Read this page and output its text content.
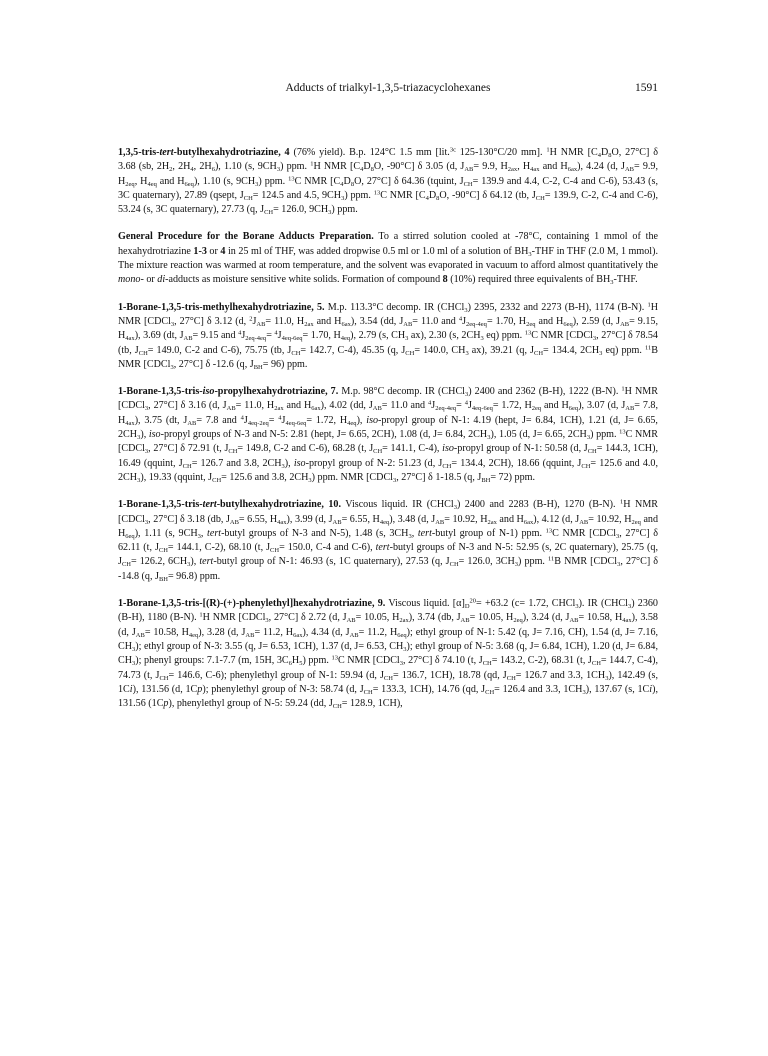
Adducts of trialkyl-1,3,5-triazacyclohexanes	1591

1,3,5-tris-tert-butylhexahydrotriazine, 4 (76% yield). B.p. 124°C 1.5 mm [lit.$^{3c}$ 125-130°C/20 mm]. $^1$H NMR [$C_4D_8O$, 27°C] δ 3.68 (sb, $2H_2$, $2H_4$, $2H_6$), 1.10 (s, $9CH_3$) ppm. $^1$H NMR [$C_4D_8O$, -90°C] δ 3.05 (d, $J_{AB}= 9.9$, $H_{2ax}$, $H_{4ax}$ and $H_{6ax}$), 4.24 (d, $J_{AB}= 9.9$, $H_{2eq}$, $H_{4eq}$ and $H_{6eq}$), 1.10 (s, $9CH_3$) ppm. $^{13}$C NMR [$C_4D_8O$, 27°C] δ 64.36 (tquint, $J_{CH}= 139.9$ and 4.4, C-2, C-4 and C-6), 53.43 (s, 3C quaternary), 27.89 (qsept, $J_{CH}= 124.5$ and 4.5, $9CH_3$) ppm. $^{13}$C NMR [$C_4D_8O$, -90°C] δ 64.12 (tb, $J_{CH}= 139.9$, C-2, C-4 and C-6), 53.24 (s, 3C quaternary), 27.73 (q, $J_{CH}= 126.0$, $9CH_3$) ppm.

General Procedure for the Borane Adducts Preparation. To a stirred solution cooled at -78°C, containing 1 mmol of the hexahydrotriazine 1-3 or 4 in 25 ml of THF, was added dropwise 0.5 ml or 1.0 ml of a solution of $BH_3$-THF in THF (2.0 M, 1 mmol). The mixture reaction was warmed at room temperature, and the solvent was evaporated in vacuum to afford almost quantitatively the mono- or di-adducts as moisture sensitive white solids. Formation of compound 8 (10%) required three equivalents of $BH_3$-THF.

1-Borane-1,3,5-tris-methylhexahydrotriazine, 5. M.p. 113.3°C decomp. IR (CHCl$_3$) 2395, 2332 and 2273 (B-H), 1174 (B-N). $^1$H NMR [CDCl$_3$, 27°C] δ 3.12 (d, $^2J_{AB}= 11.0$, $H_{2ax}$ and $H_{6ax}$), 3.54 (dd, $J_{AB}= 11.0$ and $^4J_{2eq-4eq}= 1.70$, $H_{2eq}$ and $H_{6eq}$), 2.59 (d, $J_{AB}= 9.15$, $H_{4ax}$), 3.69 (dt, $J_{AB}= 9.15$ and $^4J_{2eq-4eq}= ^4J_{4eq-6eq}= 1.70$, $H_{4eq}$), 2.79 (s, $CH_3$ ax), 2.30 (s, $2CH_3$ eq) ppm. $^{13}$C NMR [CDCl$_3$, 27°C] δ 78.54 (tb, $J_{CH}= 149.0$, C-2 and C-6), 75.75 (tb, $J_{CH}= 142.7$, C-4), 45.35 (q, $J_{CH}= 140.0$, $CH_3$ ax), 39.21 (q, $J_{CH}= 134.4$, $2CH_3$ eq) ppm. $^{11}$B NMR [CDCl$_3$, 27°C] δ -12.6 (q, $J_{BH}= 96$) ppm.

1-Borane-1,3,5-tris-iso-propylhexahydrotriazine, 7. M.p. 98°C decomp. IR (CHCl$_3$) 2400 and 2362 (B-H), 1222 (B-N). $^1$H NMR [CDCl$_3$, 27°C] δ 3.16 (d, $J_{AB}= 11.0$, $H_{2ax}$ and $H_{6ax}$), 4.02 (dd, $J_{AB}= 11.0$ and $^4J_{2eq-4eq}= ^4J_{4eq-6eq}= 1.72$, $H_{2eq}$ and $H_{6eq}$), 3.07 (d, $J_{AB}= 7.8$, $H_{4ax}$), 3.75 (dt, $J_{AB}= 7.8$ and $^4J_{4eq-2eq}= ^4J_{4eq-6eq}= 1.72$, $H_{4eq}$), iso-propyl group of N-1: 4.19 (hept, J= 6.84, 1CH), 1.21 (d, J= 6.65, $2CH_3$), iso-propyl groups of N-3 and N-5: 2.81 (hept, J= 6.65, 2CH), 1.08 (d, J= 6.84, $2CH_3$), 1.05 (d, J= 6.65, $2CH_3$) ppm. $^{13}$C NMR [CDCl$_3$, 27°C] δ 72.91 (t, $J_{CH}= 149.8$, C-2 and C-6), 68.28 (t, $J_{CH}= 141.1$, C-4), iso-propyl group of N-1: 50.58 (d, $J_{CH}= 144.3$, 1CH), 16.49 (qquint, $J_{CH}= 126.7$ and 3.8, $2CH_3$), iso-propyl group of N-2: 51.23 (d, $J_{CH}= 134.4$, 2CH), 18.66 (qquint, $J_{CH}= 125.6$ and 4.0, $2CH_3$), 19.33 (qquint, $J_{CH}= 125.6$ and 3.8, $2CH_3$) ppm. NMR [CDCl$_3$, 27°C] δ 1-18.5 (q, $J_{BH}= 72$) ppm.

1-Borane-1,3,5-tris-tert-butylhexahydrotriazine, 10. Viscous liquid. IR (CHCl$_3$) 2400 and 2283 (B-H), 1270 (B-N). $^1$H NMR [CDCl$_3$, 27°C] δ 3.18 (db, $J_{AB}= 6.55$, $H_{4ax}$), 3.99 (d, $J_{AB}= 6.55$, $H_{4eq}$), 3.48 (d, $J_{AB}= 10.92$, $H_{2ax}$ and $H_{6ax}$), 4.12 (d, $J_{AB}= 10.92$, $H_{2eq}$ and $H_{6eq}$), 1.11 (s, $9CH_3$, tert-butyl groups of N-3 and N-5), 1.48 (s, $3CH_3$, tert-butyl group of N-1) ppm. $^{13}$C NMR [CDCl$_3$, 27°C] δ 62.11 (t, $J_{CH}= 144.1$, C-2), 68.10 (t, $J_{CH}= 150.0$, C-4 and C-6), tert-butyl groups of N-3 and N-5: 52.95 (s, 2C quaternary), 25.75 (q, $J_{CH}= 126.2$, $6CH_3$), tert-butyl group of N-1: 46.93 (s, 1C quaternary), 27.53 (q, $J_{CH}= 126.0$, $3CH_3$) ppm. $^{11}$B NMR [CDCl$_3$, 27°C] δ -14.8 (q, $J_{BH}= 96.8$) ppm.

1-Borane-1,3,5-tris-[(R)-(+)-phenylethyl]hexahydrotriazine, 9. Viscous liquid. $[\alpha]_D^{20}= +63.2$ (c= 1.72, CHCl$_3$). IR (CHCl$_3$) 2360 (B-H), 1180 (B-N). $^1$H NMR [CDCl$_3$, 27°C] δ 2.72 (d, $J_{AB}= 10.05$, $H_{2ax}$), 3.74 (db, $J_{AB}= 10.05$, $H_{2eq}$), 3.24 (d, $J_{AB}= 10.58$, $H_{4ax}$), 3.58 (d, $J_{AB}= 10.58$, $H_{4eq}$), 3.28 (d, $J_{AB}= 11.2$, $H_{6ax}$), 4.34 (d, $J_{AB}= 11.2$, $H_{6eq}$); ethyl group of N-1: 5.42 (q, J= 7.16, CH), 1.54 (d, J= 7.16, $CH_3$); ethyl group of N-3: 3.55 (q, J= 6.53, 1CH), 1.37 (d, J= 6.53, $CH_3$); ethyl group of N-5: 3.68 (q, J= 6.84, 1CH), 1.20 (d, J= 6.84, $CH_3$); phenyl groups: 7.1-7.7 (m, 15H, $3C_6H_5$) ppm. $^{13}$C NMR [CDCl$_3$, 27°C] δ 74.10 (t, $J_{CH}= 143.2$, C-2), 68.31 (t, $J_{CH}= 144.7$, C-4), 74.73 (t, $J_{CH}= 146.6$, C-6); phenylethyl group of N-1: 59.94 (d, $J_{CH}= 136.7$, 1CH), 18.78 (qd, $J_{CH}= 126.7$ and 3.3, $1CH_3$), 142.49 (s, 1Ci), 131.56 (d, 1Cp); phenylethyl group of N-3: 58.74 (d, $J_{CH}= 133.3$, 1CH), 14.76 (qd, $J_{CH}= 126.4$ and 3.3, $1CH_3$), 137.67 (s, 1Ci), 131.56 (1Cp), phenylethyl group of N-5: 59.24 (dd, $J_{CH}= 128.9$, 1CH),
